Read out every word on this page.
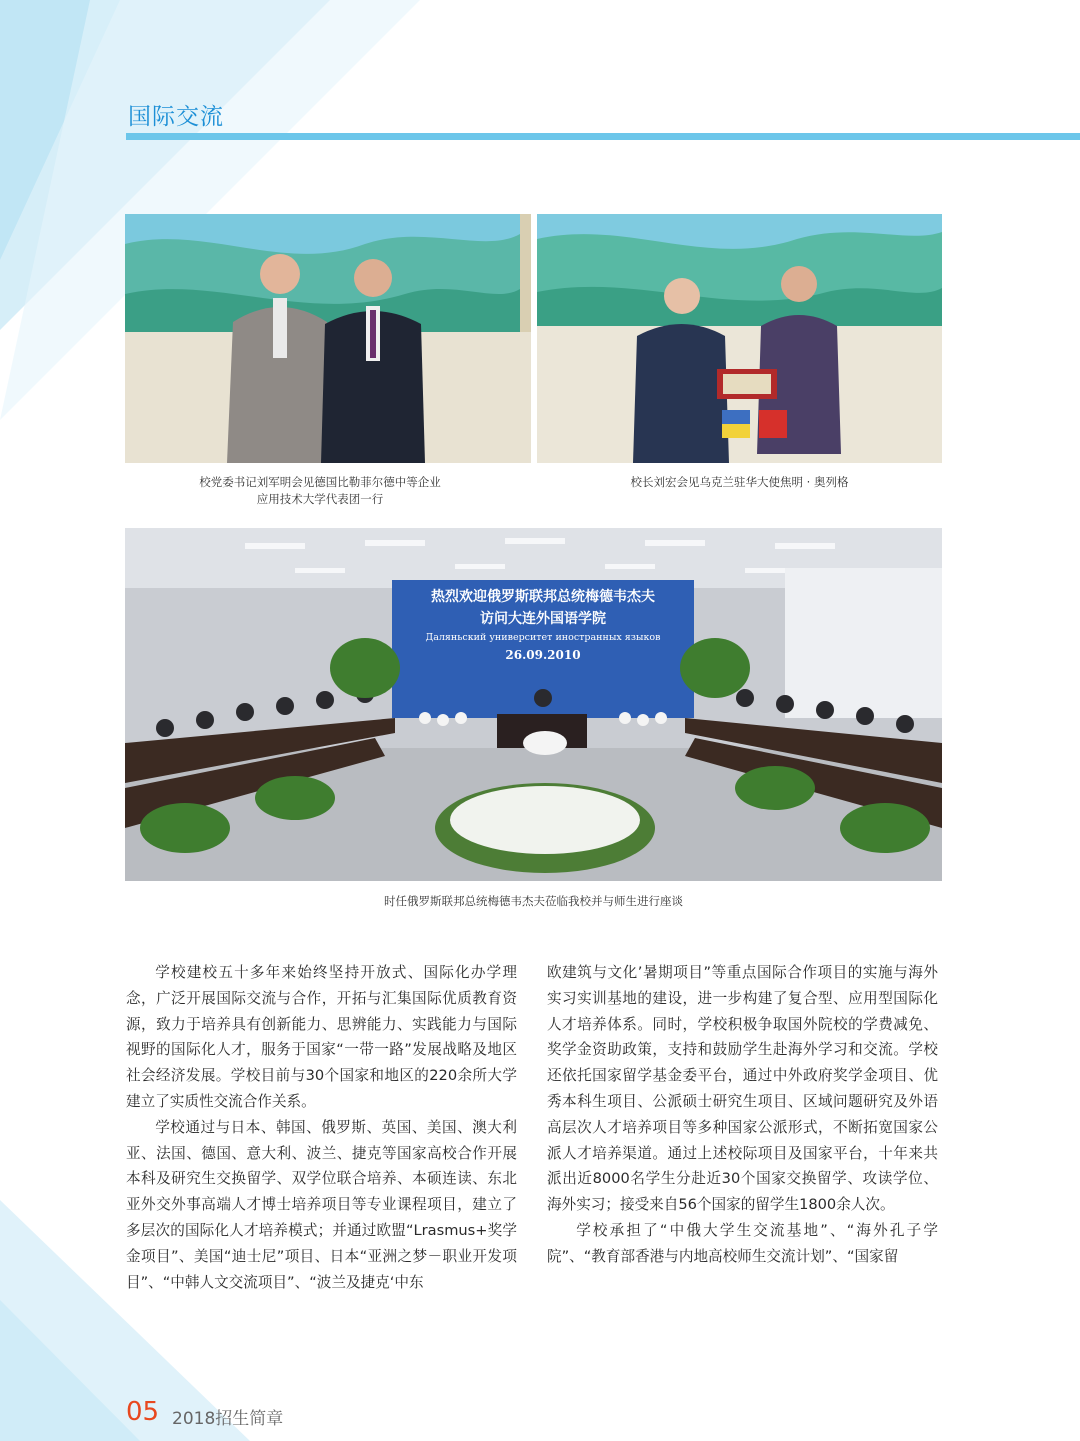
国际交流
校党委书记刘军明会见德国比勒菲尔德中等企业
应用技术大学代表团一行
校长刘宏会见乌克兰驻华大使焦明 · 奥列格
热烈欢迎俄罗斯联邦总统梅德韦杰夫
访问大连外国语学院
Даляньский университет иностранных языков
26.09.2010
时任俄罗斯联邦总统梅德韦杰夫莅临我校并与师生进行座谈

学校建校五十多年来始终坚持开放式、国际化办学理念，广泛开展国际交流与合作，开拓与汇集国际优质教育资源，致力于培养具有创新能力、思辨能力、实践能力与国际视野的国际化人才，服务于国家“一带一路”发展战略及地区社会经济发展。学校目前与30个国家和地区的220余所大学建立了实质性交流合作关系。

学校通过与日本、韩国、俄罗斯、英国、美国、澳大利亚、法国、德国、意大利、波兰、捷克等国家高校合作开展本科及研究生交换留学、双学位联合培养、本硕连读、东北亚外交外事高端人才博士培养项目等专业课程项目，建立了多层次的国际化人才培养模式；并通过欧盟“Lrasmus+奖学金项目”、美国“迪士尼”项目、日本“亚洲之梦－职业开发项目”、“中韩人文交流项目”、“波兰及捷克‘中东

欧建筑与文化’暑期项目”等重点国际合作项目的实施与海外实习实训基地的建设，进一步构建了复合型、应用型国际化人才培养体系。同时，学校积极争取国外院校的学费减免、奖学金资助政策，支持和鼓励学生赴海外学习和交流。学校还依托国家留学基金委平台，通过中外政府奖学金项目、优秀本科生项目、公派硕士研究生项目、区域问题研究及外语高层次人才培养项目等多种国家公派形式，不断拓宽国家公派人才培养渠道。通过上述校际项目及国家平台，十年来共派出近8000名学生分赴近30个国家交换留学、攻读学位、海外实习；接受来自56个国家的留学生1800余人次。

学校承担了“中俄大学生交流基地”、“海外孔子学院”、“教育部香港与内地高校师生交流计划”、“国家留

05 2018招生简章
